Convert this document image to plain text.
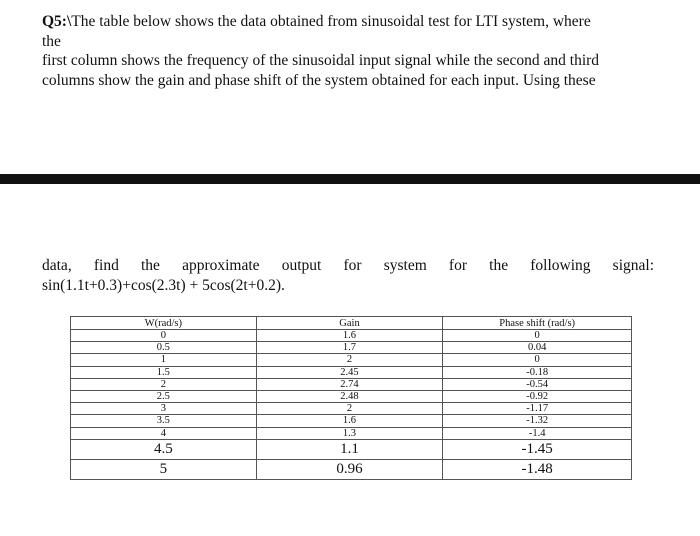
Q5:\The table below shows the data obtained from sinusoidal test for LTI system, where
the
first column shows the frequency of the sinusoidal input signal while the second and third
columns show the gain and phase shift of the system obtained for each input. Using these
data, find the approximate output for system for the following signal:
sin(1.1t+0.3)+cos(2.3t) + 5cos(2t+0.2).
W(rad/s)	Gain	Phase shift (rad/s)
0	1.6	0
0.5	1.7	0.04
1	2	0
1.5	2.45	-0.18
2	2.74	-0.54
2.5	2.48	-0.92
3	2	-1.17
3.5	1.6	-1.32
4	1.3	-1.4
4.5	1.1	-1.45
5	0.96	-1.48
